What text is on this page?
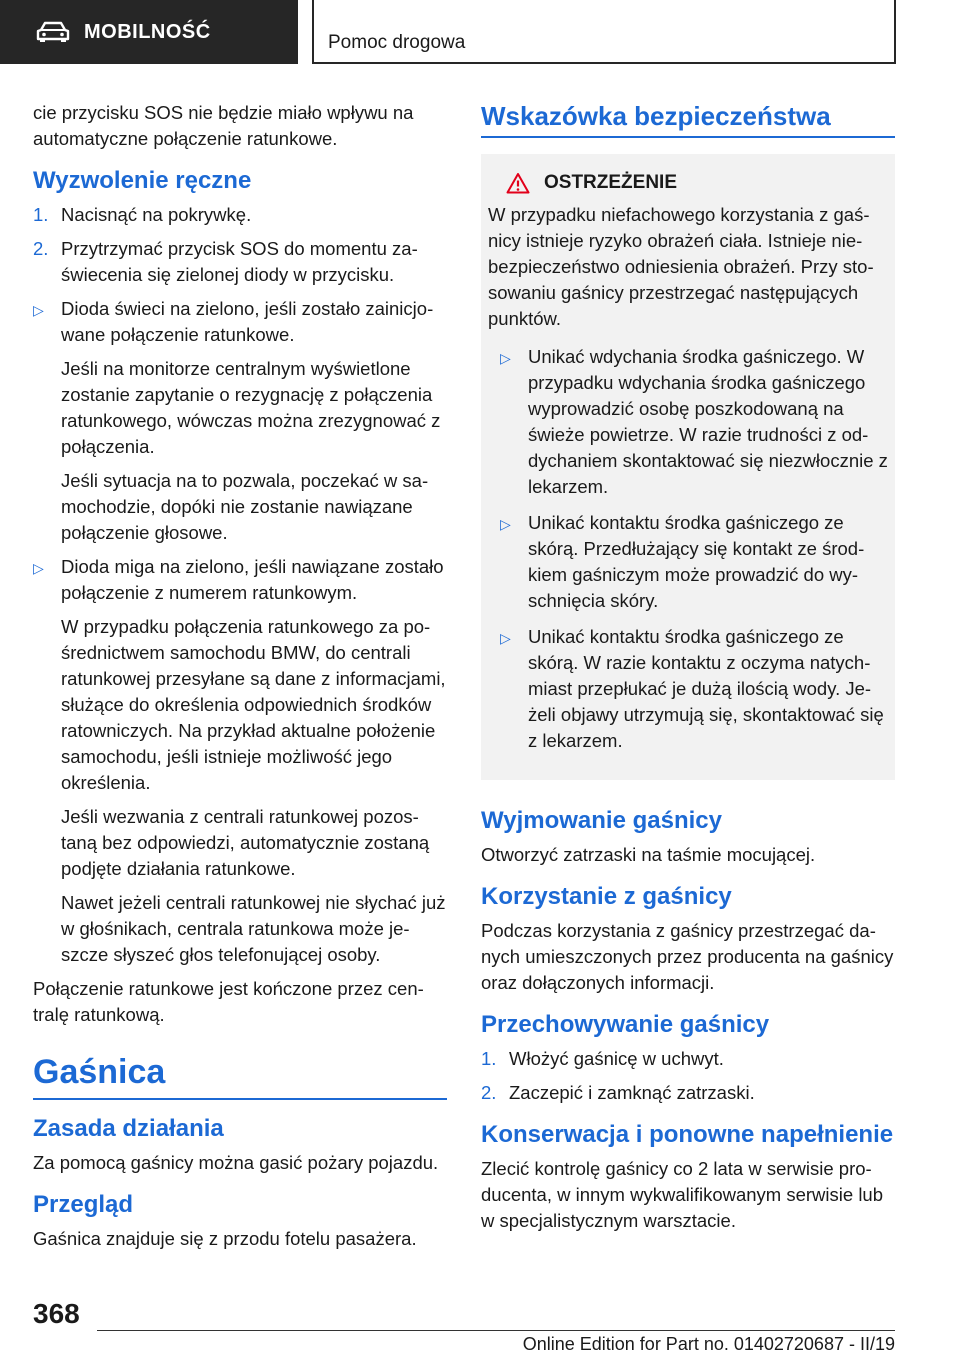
MOBILNOŚĆ	Pomoc drogowa

cie przycisku SOS nie będzie miało wpływu na automatyczne połączenie ratunkowe.

Wyzwolenie ręczne
1. Nacisnąć na pokrywkę.
2. Przytrzymać przycisk SOS do momentu zaświecenia się zielonej diody w przycisku.
▷ Dioda świeci na zielono, jeśli zostało zainicjowane połączenie ratunkowe.

Jeśli na monitorze centralnym wyświetlone zostanie zapytanie o rezygnację z połączenia ratunkowego, wówczas można zrezygnować z połączenia.

Jeśli sytuacja na to pozwala, poczekać w samochodzie, dopóki nie zostanie nawiązane połączenie głosowe.

▷ Dioda miga na zielono, jeśli nawiązane zostało połączenie z numerem ratunkowym.

W przypadku połączenia ratunkowego za pośrednictwem samochodu BMW, do centrali ratunkowej przesyłane są dane z informacjami, służące do określenia odpowiednich środków ratowniczych. Na przykład aktualne położenie samochodu, jeśli istnieje możliwość jego określenia.

Jeśli wezwania z centrali ratunkowej pozostaną bez odpowiedzi, automatycznie zostaną podjęte działania ratunkowe.

Nawet jeżeli centrali ratunkowej nie słychać już w głośnikach, centrala ratunkowa może jeszcze słyszeć głos telefonującej osoby.

Połączenie ratunkowe jest kończone przez centralę ratunkową.

Gaśnica
Zasada działania

Za pomocą gaśnicy można gasić pożary pojazdu.

Przegląd

Gaśnica znajduje się z przodu fotelu pasażera.

Wskazówka bezpieczeństwa
OSTRZEŻENIE

W przypadku niefachowego korzystania z gaśnicy istnieje ryzyko obrażeń ciała. Istnieje niebezpieczeństwo odniesienia obrażeń. Przy stosowaniu gaśnicy przestrzegać następujących punktów.

▷ Unikać wdychania środka gaśniczego. W przypadku wdychania środka gaśniczego wyprowadzić osobę poszkodowaną na świeże powietrze. W razie trudności z oddychaniem skontaktować się niezwłocznie z lekarzem.
▷ Unikać kontaktu środka gaśniczego ze skórą. Przedłużający się kontakt ze środkiem gaśniczym może prowadzić do wyschnięcia skóry.
▷ Unikać kontaktu środka gaśniczego ze skórą. W razie kontaktu z oczyma natychmiast przepłukać je dużą ilością wody. Jeżeli objawy utrzymują się, skontaktować się z lekarzem.
Wyjmowanie gaśnicy

Otworzyć zatrzaski na taśmie mocującej.

Korzystanie z gaśnicy

Podczas korzystania z gaśnicy przestrzegać danych umieszczonych przez producenta na gaśnicy oraz dołączonych informacji.

Przechowywanie gaśnicy
1. Włożyć gaśnicę w uchwyt.
2. Zaczepić i zamknąć zatrzaski.
Konserwacja i ponowne napełnienie

Zlecić kontrolę gaśnicy co 2 lata w serwisie producenta, w innym wykwalifikowanym serwisie lub w specjalistycznym warsztacie.

368
Online Edition for Part no. 01402720687 - II/19
